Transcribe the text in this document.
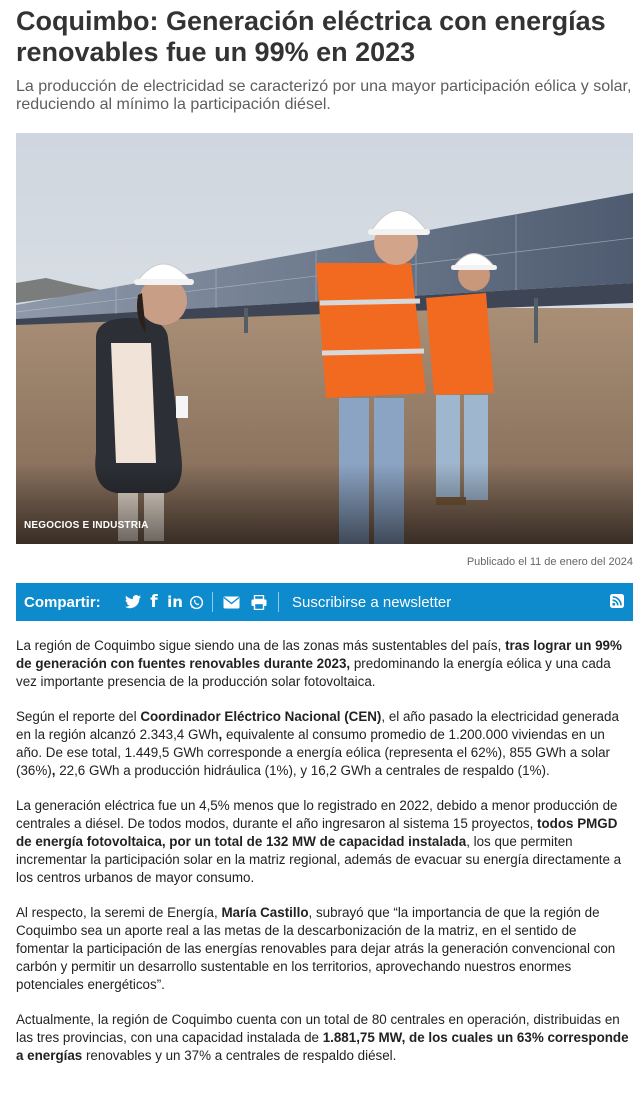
Coquimbo: Generación eléctrica con energías renovables fue un 99% en 2023

La producción de electricidad se caracterizó por una mayor participación eólica y solar, reduciendo al mínimo la participación diésel.

NEGOCIOS E INDUSTRIA
Publicado el 11 de enero del 2024
Compartir:	f in	Suscribirse a newsletter

La región de Coquimbo sigue siendo una de las zonas más sustentables del país, tras lograr un 99% de generación con fuentes renovables durante 2023, predominando la energía eólica y una cada vez importante presencia de la producción solar fotovoltaica.

Según el reporte del Coordinador Eléctrico Nacional (CEN), el año pasado la electricidad generada en la región alcanzó 2.343,4 GWh, equivalente al consumo promedio de 1.200.000 viviendas en un año. De ese total, 1.449,5 GWh corresponde a energía eólica (representa el 62%), 855 GWh a solar (36%), 22,6 GWh a producción hidráulica (1%), y 16,2 GWh a centrales de respaldo (1%).

La generación eléctrica fue un 4,5% menos que lo registrado en 2022, debido a menor producción de centrales a diésel. De todos modos, durante el año ingresaron al sistema 15 proyectos, todos PMGD de energía fotovoltaica, por un total de 132 MW de capacidad instalada, los que permiten incrementar la participación solar en la matriz regional, además de evacuar su energía directamente a los centros urbanos de mayor consumo.

Al respecto, la seremi de Energía, María Castillo, subrayó que “la importancia de que la región de Coquimbo sea un aporte real a las metas de la descarbonización de la matriz, en el sentido de fomentar la participación de las energías renovables para dejar atrás la generación convencional con carbón y permitir un desarrollo sustentable en los territorios, aprovechando nuestros enormes potenciales energéticos”.

Actualmente, la región de Coquimbo cuenta con un total de 80 centrales en operación, distribuidas en las tres provincias, con una capacidad instalada de 1.881,75 MW, de los cuales un 63% corresponde a energías renovables y un 37% a centrales de respaldo diésel.
